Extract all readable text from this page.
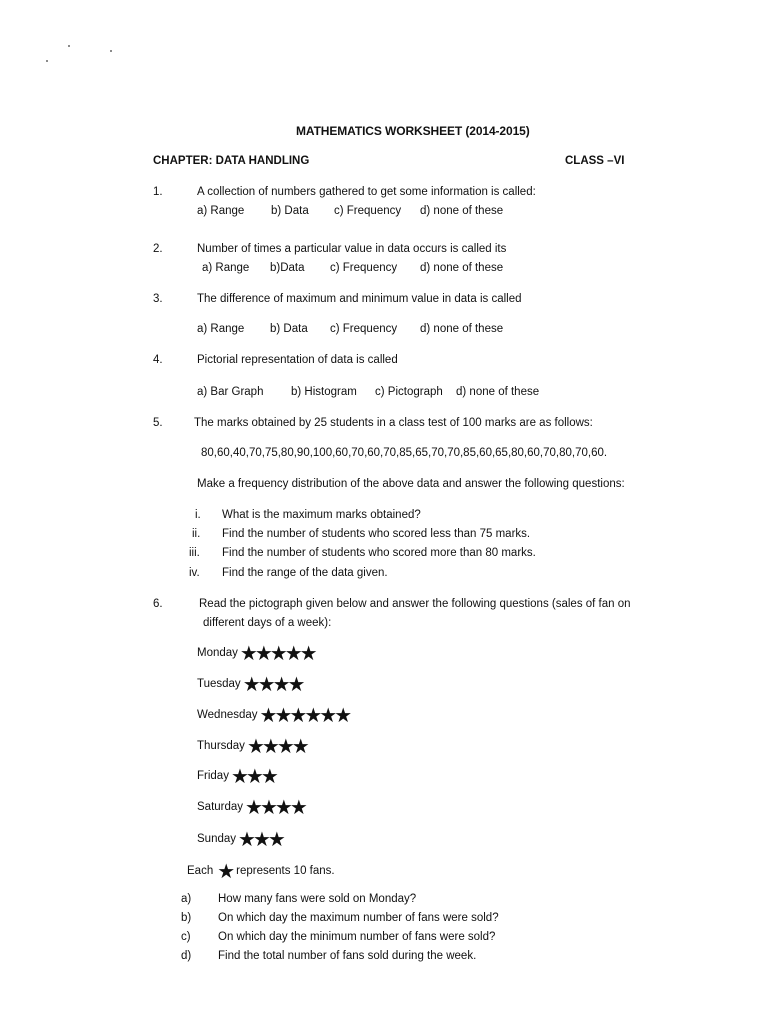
MATHEMATICS WORKSHEET (2014-2015)
CHAPTER: DATA HANDLING	CLASS –VI
1.	A collection of numbers gathered to get some information is called:
a) Range b) Data c) Frequency d) none of these
2.	Number of times a particular value in data occurs is called its
a) Range b)Data c) Frequency d) none of these
3.	The difference of maximum and minimum value in data is called
a) Range b) Data c) Frequency d) none of these
4.	Pictorial representation of data is called
a) Bar Graph b) Histogram c) Pictograph d) none of these
5.	The marks obtained by 25 students in a class test of 100 marks are as follows:
80,60,40,70,75,80,90,100,60,70,60,70,85,65,70,70,85,60,65,80,60,70,80,70,60.
Make a frequency distribution of the above data and answer the following questions:
i. What is the maximum marks obtained?
ii. Find the number of students who scored less than 75 marks.
iii. Find the number of students who scored more than 80 marks.
iv. Find the range of the data given.
6.	Read the pictograph given below and answer the following questions (sales of fan on
different days of a week):
Monday ★★★★★
Tuesday ★★★★
Wednesday ★★★★★★
Thursday ★★★★
Friday ★★★
Saturday ★★★★
Sunday ★★★
Each ★ represents 10 fans.
a) How many fans were sold on Monday?
b) On which day the maximum number of fans were sold?
c) On which day the minimum number of fans were sold?
d) Find the total number of fans sold during the week.
